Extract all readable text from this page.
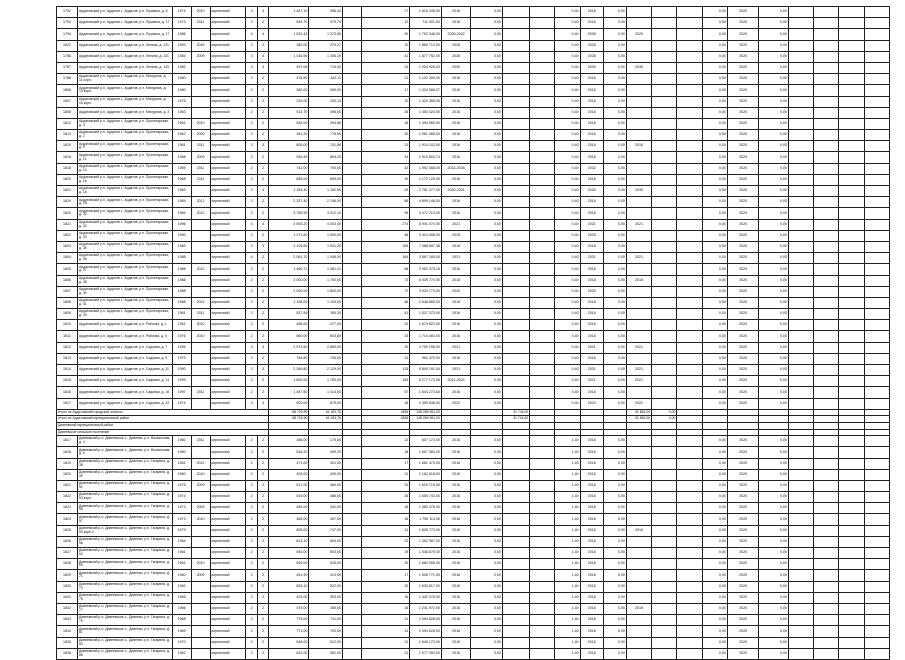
1792	Ардатовский р-н, Ардатов г., Ардатов, р.п. Пушкина, д. 8	1974	2010	кирпичный	3	3	1 447,10	956,44		27	1 818 336,00	2016	0,00			0,40	2016	0,00				0,00	2020	0,00				
1793	Ардатовский р-н, Ардатов г., Ардатов, р.п. Пушкина, д. 17	1973	2011	кирпичный	2	2	549,70	379,79		12	711 901,00	2016	0,00			0,40	2016	0,00				0,00	2020	0,00				
1794	Ардатовский р-н, Ардатов г., Ардатов, р.п. Пушкина, д. 17	1986		кирпичный	4	4	1 520,43	1 373,65		90	1 792 346,00	2039-2042	0,00			0,40	2039	0,00	2020			0,00	2020	0,00				
1822	Ардатовский р-н, Ардатов г., Ардатов, р.п. Ленина, д. 131	1993	2016	кирпичный	2	2	380,00	379,27		10	1 860 712,00	2026	0,00			0,40	2026	0,00				0,00	2020	0,00				
1786	Ардатовский р-н, Ардатов г., Ардатов, р.п. Ленина, д. 131	1984	2009	кирпичный	3	4	1 016,96	1 306,19		41	1 877 752,00	2026	0,00			0,40	2026	0,00				0,00	2020	0,00				
1787	Ардатовский р-н, Ардатов г., Ардатов, р.п. Ленина, д. 133	1982		кирпичный	3	3	497,06	719,53		24	1 904 926,20	2030	0,00			0,40	2030	0,00	2030			0,00	2020	0,00				
1788	Ардатовский р-н, Ардатов г., Ардатов, р.п. Мичурина, д. 11 корп.	1980		кирпичный	2	2	476,90	442,11		21	1 102 309,00	2016	0,00			0,40	2016	0,00				0,00	2020	0,00				
1806	Ардатовский р-н, Ардатов г., Ардатов, р.п. Мичурина, д. 13 корп.	1980		кирпичный	2	2	380,00	395,00		17	1 324 088,37	2016	0,00			0,40	2016	0,00				0,00	2020	0,00				
1807	Ардатовский р-н, Ардатов г., Ардатов, р.п. Мичурина, д. 15 корп.	1975		кирпичный	2	2	226,00	205,14		10	1 420 368,00	2016	0,00			0,40	2016	0,00				0,00	2020	0,00				
1808	Ардатовский р-н, Ардатов г., Ардатов, р.п. Мичурина, д. 3	1963		кирпичный	2	2	514,70	496,00		26	1 453 420,00	2016	0,00			0,40	2016	0,00				0,00	2020	0,00				
1812	Ардатовский р-н, Ардатов г., Ардатов, р.п. Пролетарская, д. 4	1961	2010	кирпичный	2	2	536,00	494,88		18	1 454 560,00	2016	0,00			0,40	2016	0,00				0,00	2020	0,00				
1813	Ардатовский р-н, Ардатов г., Ардатов, р.п. Пролетарская, д. 2	1967	2009	кирпичный	2	2	811,20	778,50		30	1 961 485,00	2016	0,00			0,40	2016	0,00				0,00	2020	0,00				
1815	Ардатовский р-н, Ардатов г., Ардатов, р.п. Пролетарская, д. 9	1961	2011	кирпичный	3	3	805,00	701,88		31	1 914 102,00	2016	0,00			0,40	2016	0,00	2016			0,00	2020	0,00				
1816	Ардатовский р-н, Ардатов г., Ардатов, р.п. Пролетарская, д. 11	1968	2009	кирпичный	2	2	926,45	894,25		43	2 510 803,74	2016	0,00			0,40	2016	0,00				0,00	2020	0,00				
1818	Ардатовский р-н, Ардатов г., Ардатов, р.п. Пролетарская, д. 14	1959	2011	кирпичный	2	2	742,00	700,00		42	1 992 366,00	2032-2035	0,00			0,40	2032	0,00				0,00	2020	0,00				
1820	Ардатовский р-н, Ардатов г., Ардатов, р.п. Пролетарская, д. 16	1968	2011	кирпичный	2	2	685,00	659,00		30	1 172 129,00	2016	0,00			0,40	2016	0,00				0,00	2020	0,00				
1821	Ардатовский р-н, Ардатов г., Ардатов, р.п. Пролетарская, д. 18	1969		кирпичный	2	4	1 163,40	1 162,50		29	2 751 377,00	2030-2031	0,00			0,40	2030	0,00	2030			0,00	2020	0,00				
1819	Ардатовский р-н, Ардатов г., Ардатов, р.п. Пролетарская, д. 28	1984	2012	кирпичный	2	2	2 327,40	2 156,00		86	4 899 146,00	2016	0,00			0,40	2016	0,00				0,00	2020	0,00				
1820	Ардатовский р-н, Ардатов г., Ардатов, р.п. Пролетарская, д. 30	1984	2012	кирпичный	2	2	3 755,90	3 012,10		99	4 472 213,00	2016	0,00			0,40	2016	0,00				0,00	2020	0,00				
1821	Ардатовский р-н, Ардатов г., Ардатов, р.п. Пролетарская, д. 32	1996		кирпичный	4	4	4 505,20	4 003,40		274	6 941 070,00	2021	0,00			0,40	2021	0,00	2021			0,00	2020	0,00				
1802	Ардатовский р-н, Ардатов г., Ардатов, р.п. Пролетарская, д. 33	1990		кирпичный	2	2	1 071,60	1 000,00		48	3 414 458,00	2025	0,00			0,40	2025	0,00				0,00	2020	0,00				
1803	Ардатовский р-н, Ардатов г., Ардатов, р.п. Пролетарская, д. 35	1989		кирпичный	2	3	2 104,60	1 941,20		105	7 088 697,38	2018	0,00			0,40	2018	0,00				0,00	2020	0,00				
1804	Ардатовский р-н, Ардатов г., Ардатов, р.п. Пролетарская, д. 36	1988		кирпичный	4	2	2 081,70	1 948,00		164	3 897 185,00	2021	0,00			0,40	2021	0,00	2021			0,00	2020	0,00				
1805	Ардатовский р-н, Ардатов г., Ардатов, р.п. Пролетарская, д. 37	1988	2012	кирпичный	2	2	1 460,71	1 381,01		68	2 952 375,15	2016	0,00			0,40	2016	0,00				0,00	2020	0,00				
1806	Ардатовский р-н, Ардатов г., Ардатов, р.п. Пролетарская, д. 38	1988		кирпичный	2	2	2 000,00	1 700,00		72	6 039 770,00	2018	0,00			0,40	2018	0,00	2018			0,00	2020	0,00				
1807	Ардатовский р-н, Ардатов г., Ардатов, р.п. Пролетарская, д. 40	1988		кирпичный	2	2	2 000,00	1 800,00		72	3 920 773,00	2020	0,00			0,40	2020	0,00				0,00	2020	0,00				
1808	Ардатовский р-н, Ардатов г., Ардатов, р.п. Пролетарская, д. 41	1988	2012	кирпичный	2	2	1 198,00	1 103,00		46	2 648 865,00	2018	0,00			0,40	2018	0,00				0,00	2020	0,00				
1809	Ардатовский р-н, Ардатов г., Ардатов, р.п. Пролетарская, д. 43	1961	2011	кирпичный	2	2	527,99	395,35		41	1 537 373,00	2016	0,00			0,40	2016	0,00				0,00	2020	0,00				
1810	Ардатовский р-н, Ардатов г., Ардатов, р.п. Рабочая, д. 1	1961	2010	кирпичный	2	2	486,00	477,00		20	1 674 823,00	2016	0,00			0,40	2016	0,00				0,00	2020	0,00				
1811	Ардатовский р-н, Ардатов г., Ардатов, р.п. Рабочая, д. 5	1976	2010	кирпичный	2	2	560,00	503,80		23	1 714 483,00	2016	0,00			0,40	2016	0,00				0,00	2020	0,00				
1812	Ардатовский р-н, Ардатов г., Ардатов, р.п. Садовая, д. 7	1994		кирпичный	3	3	2 973,50	2 660,00		20	4 790 156,00	2021	0,00			0,40	2021	0,00	2021			0,00	2020	0,00				
1813	Ардатовский р-н, Ардатов г., Ардатов, р.п. Садовая, д. 9	1979		кирпичный	2	2	764,80	746,00		31	962 470,00	2016	0,00			0,40	2016	0,00				0,00	2020	0,00				
1814	Ардатовский р-н, Ардатов г., Ардатов, р.п. Садовая, д. 11	1990		кирпичный	2	3	2 269,80	2 129,00		115	5 840 191,00	2021	0,00			0,40	2021	0,00	2021			0,00	2020	0,00				
1815	Ардатовский р-н, Ардатов г., Ардатов, р.п. Садовая, д. 14	1993		кирпичный	2	2	1 800,00	1 700,00		105	5 277 173,06	2021-2024	0,00			0,40	2021	0,00	2021			0,00	2020	0,00				
1816	Ардатовский р-н, Ардатов г., Ардатов, р.п. Садовая, д. 16	1997	2011	кирпичный	2	2	1 487,50	1 414,00		57	1 644 273,63	2016	0,00			0,40	2016	0,00				0,00	2020	0,00				
1817	Ардатовский р-н, Ардатов г., Ардатов, р.п. Садовая, д. 22	1974		кирпичный	3	3	902,00	875,00		18	2 359 848,00	2022	0,00			0,40	2022	0,00	2022			0,00	2020	0,00				
Итого по Ардатовский городской поселок							68 700,90	61 481,76		4836	148 096 961,00			31 744,00					31 862,00	0,00								
Итого по Ардатовский муниципальный район							68 700,90	61 481,76		4836	148 096 961,00			31 744,00					31 862,00	0,00								
Дивеевский муниципальный район																												
Дивеевское сельское поселение																												
1817	Дивеевский р-н, Дивеевское с., Дивеево, р.п. Вокзальная, д. 4	1960	2011	кирпичный	2	2	186,00	175,60		12	607 173,00	2016	0,00			1,40	2016	0,00				0,00	2020	0,00				
1818	Дивеевский р-н, Дивеевское с., Дивеево, р.п. Вокзальная, д. 6	1960		кирпичный	2	2	534,20	499,20		18	1 607 383,00	2016	0,00			1,40	2016	0,00				0,00	2020	0,00				
1819	Дивеевский р-н, Дивеевское с., Дивеево, р.п. Гагарина, д. 38	1961	2012	кирпичный	2	2	471,00	401,00		17	1 681 473,00	2016	0,00			1,40	2016	0,00				0,00	2020	0,00				
1820	Дивеевский р-н, Дивеевское с., Дивеево, р.п. Гагарина, д. 49	1960	2010	кирпичный	2	2	403,00	405,00		21	1 162 618,00	2016	0,00			1,40	2016	0,00				0,00	2020	0,00				
1821	Дивеевский р-н, Дивеевское с., Дивеево, р.п. Гагарина, д. 51	1975	2009	кирпичный	2	2	517,00	484,00		20	1 619 715,00	2016	0,00			1,40	2016	0,00				0,00	2020	0,00				
1822	Дивеевский р-н, Дивеевское с., Дивеево, р.п. Гагарина, д. 53 корп.	1974		кирпичный	2	2	519,00	486,00		26	1 605 743,00	2016	0,00			1,40	2016	0,00				0,00	2020	0,00				
1823	Дивеевский р-н, Дивеевское с., Дивеево, р.п. Гагарина, д. 55	1973	2009	кирпичный	2	2	465,00	441,00		18	1 583 478,00	2016	0,00			1,40	2016	0,00				0,00	2020	0,00				
1824	Дивеевский р-н, Дивеевское с., Дивеево, р.п. Гагарина, д. 57	1973	2010	кирпичный	2	2	485,00	457,00		18	1 796 113,00	2016	0,00			1,40	2016	0,00				0,00	2020	0,00				
1825	Дивеевский р-н, Дивеевское с., Дивеево, р.п. Гагарина, д. 53 корп.2	1975		кирпичный	2	2	805,00	747,00		31	1 839 773,00	2016	0,00			1,40	2016	0,00	2016			0,00	2020	0,00				
1826	Дивеевский р-н, Дивеевское с., Дивеево, р.п. Гагарина, д. 56	1964		кирпичный	2	2	813,10	804,00		22	1 352 987,00	2016	0,00			1,40	2016	0,00				0,00	2020	0,00				
1827	Дивеевский р-н, Дивеевское с., Дивеево, р.п. Гагарина, д. 62	1961		кирпичный	2	2	540,00	503,00		19	1 548 675,00	2016	0,00			1,40	2016	0,00				0,00	2020	0,00				
1828	Дивеевский р-н, Дивеевское с., Дивеево, р.п. Гагарина, д. 64	1961	2010	кирпичный	2	2	599,00	528,00		20	1 682 955,00	2016	0,00			1,40	2016	0,00				0,00	2020	0,00				
1829	Дивеевский р-н, Дивеевское с., Дивеево, р.п. Гагарина, д. 71	1960	2009	кирпичный	2	2	451,90	413,90		17	1 508 771,00	2016	0,00			1,40	2016	0,00				0,00	2020	0,00				
1830	Дивеевский р-н, Дивеевское с., Дивеево, р.п. Гагарина, д. 73	1962		кирпичный	2	2	563,10	522,00		20	1 632 817,00	2016	0,00			1,40	2016	0,00				0,00	2020	0,00				
1831	Дивеевский р-н, Дивеевское с., Дивеево, р.п. Гагарина, д. 75	1965		кирпичный	2	2	403,00	393,00		16	1 442 378,00	2016	0,00			1,40	2016	0,00				0,00	2020	0,00				
1832	Дивеевский р-н, Дивеевское с., Дивеево, р.п. Гагарина, д. 77	1966		кирпичный	2	2	375,00	355,00		16	1 241 972,00	2016	0,00			1,40	2016	0,00	2016			0,00	2020	0,00				
1833	Дивеевский р-н, Дивеевское с., Дивеево, р.п. Гагарина, д. 79	1968		кирпичный	2	2	775,00	711,00		31	2 094 628,00	2016	0,00			1,40	2016	0,00				0,00	2020	0,00				
1834	Дивеевский р-н, Дивеевское с., Дивеево, р.п. Гагарина, д. 81	1969		кирпичный	2	2	771,00	703,00		31	2 094 628,00	2016	0,00			1,40	2016	0,00				0,00	2020	0,00				
1835	Дивеевский р-н, Дивеевское с., Дивеево, р.п. Гагарина, д. 83	1970		кирпичный	2	2	548,00	512,00		21	1 649 173,00	2016	0,00			1,40	2016	0,00				0,00	2020	0,00				
1836	Дивеевский р-н, Дивеевское с., Дивеево, р.п. Гагарина, д. 85	1962		кирпичный	2	2	622,00	581,00		21	1 077 393,00	2016	0,00			1,40	2016	0,00				0,00	2020	0,00				
